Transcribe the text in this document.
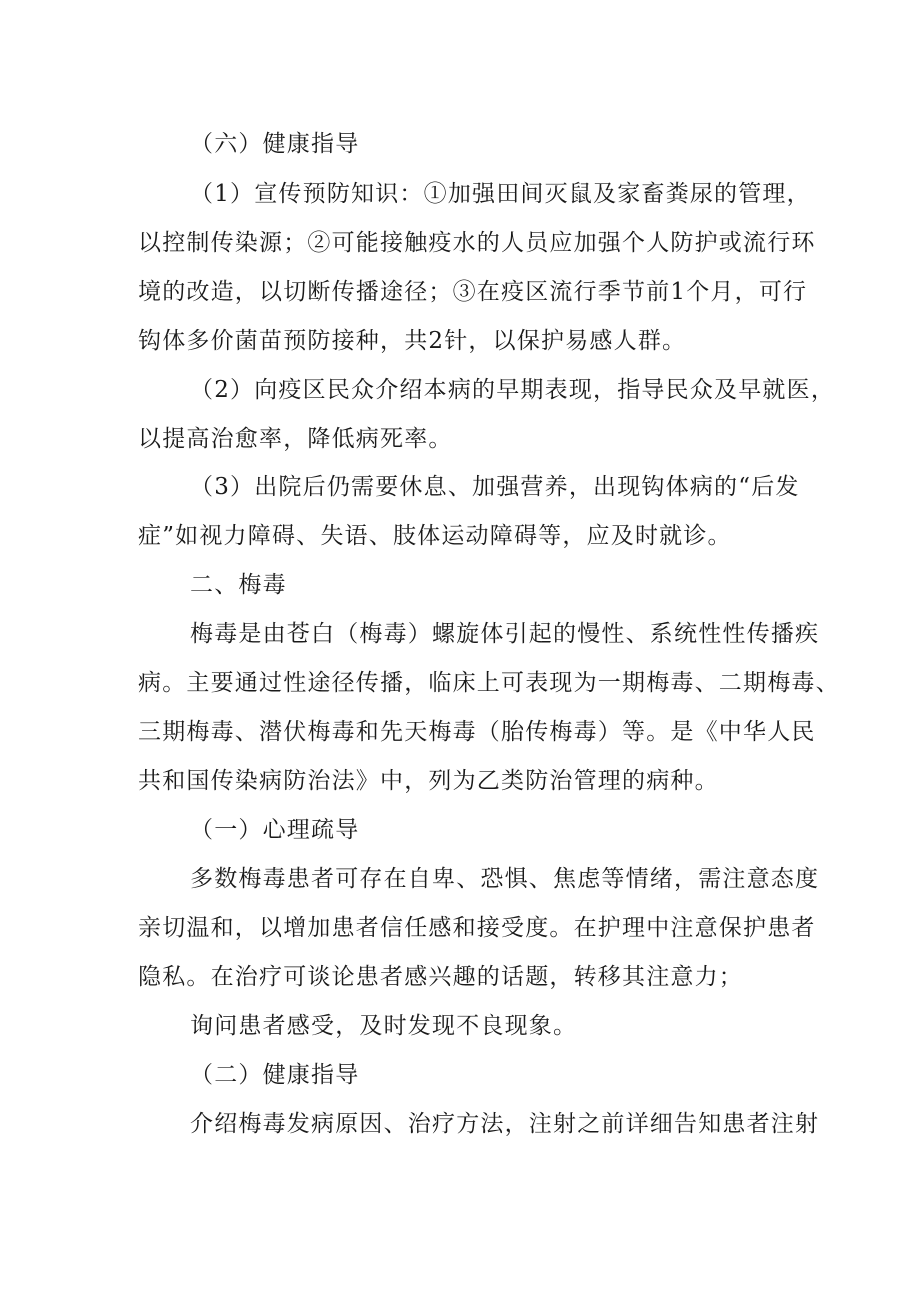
（六）健康指导
（1）宣传预防知识：①加强田间灭鼠及家畜粪尿的管理，
以控制传染源；②可能接触疫水的人员应加强个人防护或流行环
境的改造，以切断传播途径；③在疫区流行季节前1个月，可行
钩体多价菌苗预防接种，共2针，以保护易感人群。
（2）向疫区民众介绍本病的早期表现，指导民众及早就医，
以提高治愈率，降低病死率。
（3）出院后仍需要休息、加强营养，出现钩体病的“后发
症”如视力障碍、失语、肢体运动障碍等，应及时就诊。
二、梅毒
梅毒是由苍白（梅毒）螺旋体引起的慢性、系统性性传播疾
病。主要通过性途径传播，临床上可表现为一期梅毒、二期梅毒、
三期梅毒、潜伏梅毒和先天梅毒（胎传梅毒）等。是《中华人民
共和国传染病防治法》中，列为乙类防治管理的病种。
（一）心理疏导
多数梅毒患者可存在自卑、恐惧、焦虑等情绪，需注意态度
亲切温和，以增加患者信任感和接受度。在护理中注意保护患者
隐私。在治疗可谈论患者感兴趣的话题，转移其注意力；
询问患者感受，及时发现不良现象。
（二）健康指导
介绍梅毒发病原因、治疗方法，注射之前详细告知患者注射
